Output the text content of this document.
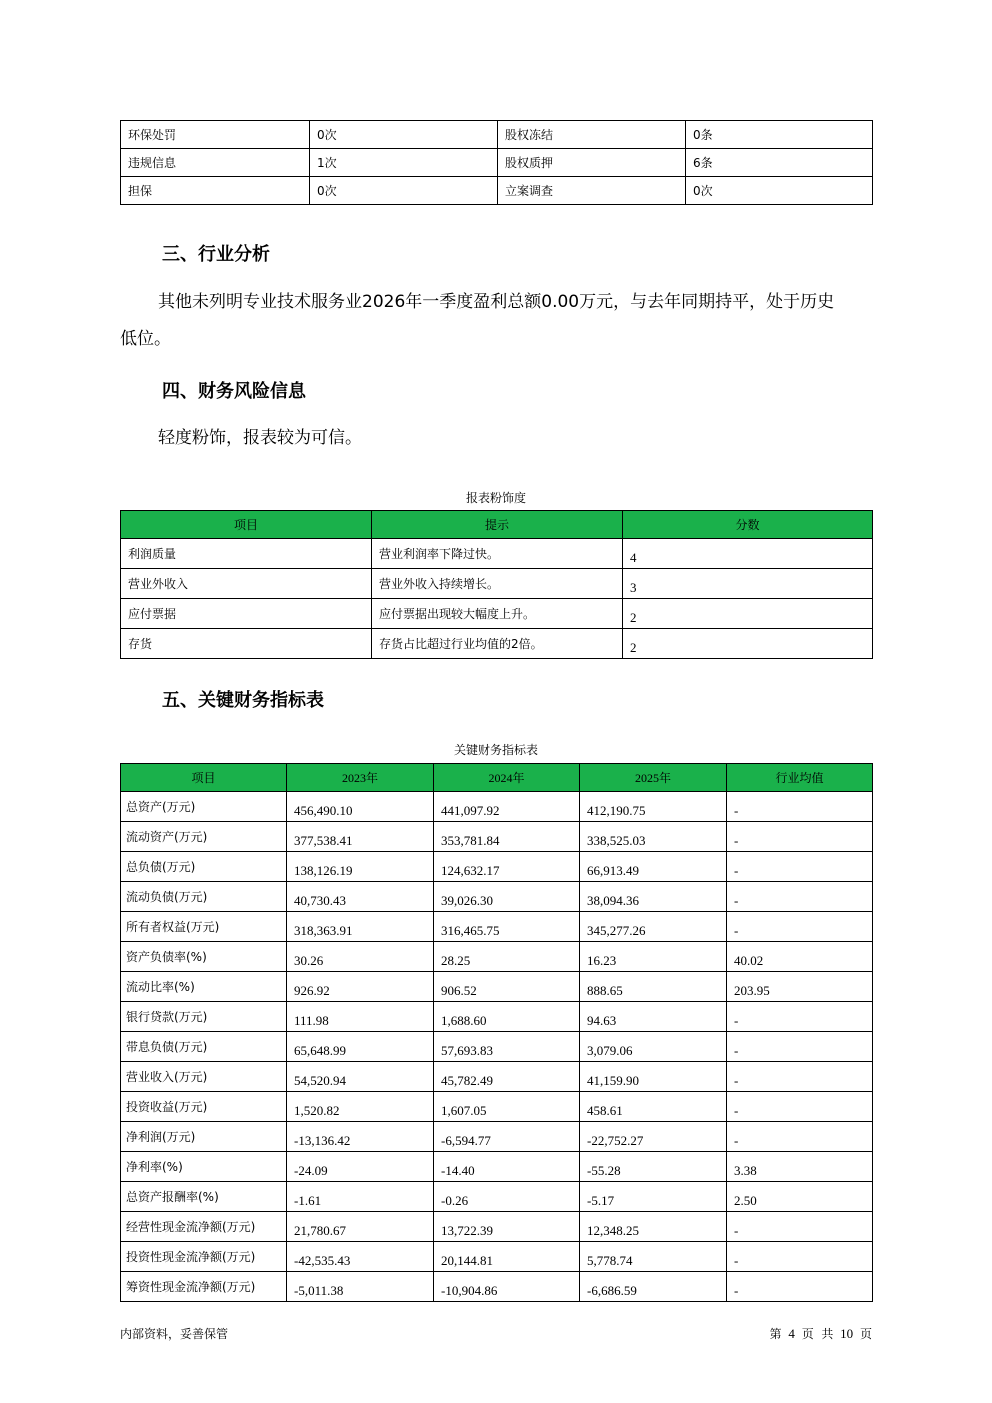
环保处罚	0次	股权冻结	0条
违规信息	1次	股权质押	6条
担保	0次	立案调查	0次
三、行业分析

其他未列明专业技术服务业2026年一季度盈利总额0.00万元，与去年同期持平，处于历史

低位。

四、财务风险信息

轻度粉饰，报表较为可信。

报表粉饰度

项目	提示	分数
利润质量	营业利润率下降过快。	4
营业外收入	营业外收入持续增长。	3
应付票据	应付票据出现较大幅度上升。	2
存货	存货占比超过行业均值的2倍。	2
五、关键财务指标表

关键财务指标表

项目	2023年	2024年	2025年	行业均值
总资产(万元)	456,490.10	441,097.92	412,190.75	-
流动资产(万元)	377,538.41	353,781.84	338,525.03	-
总负债(万元)	138,126.19	124,632.17	66,913.49	-
流动负债(万元)	40,730.43	39,026.30	38,094.36	-
所有者权益(万元)	318,363.91	316,465.75	345,277.26	-
资产负债率(%)	30.26	28.25	16.23	40.02
流动比率(%)	926.92	906.52	888.65	203.95
银行贷款(万元)	111.98	1,688.60	94.63	-
带息负债(万元)	65,648.99	57,693.83	3,079.06	-
营业收入(万元)	54,520.94	45,782.49	41,159.90	-
投资收益(万元)	1,520.82	1,607.05	458.61	-
净利润(万元)	-13,136.42	-6,594.77	-22,752.27	-
净利率(%)	-24.09	-14.40	-55.28	3.38
总资产报酬率(%)	-1.61	-0.26	-5.17	2.50
经营性现金流净额(万元)	21,780.67	13,722.39	12,348.25	-
投资性现金流净额(万元)	-42,535.43	20,144.81	5,778.74	-
筹资性现金流净额(万元)	-5,011.38	-10,904.86	-6,686.59	-
内部资料，妥善保管	第 4 页  共 10 页
